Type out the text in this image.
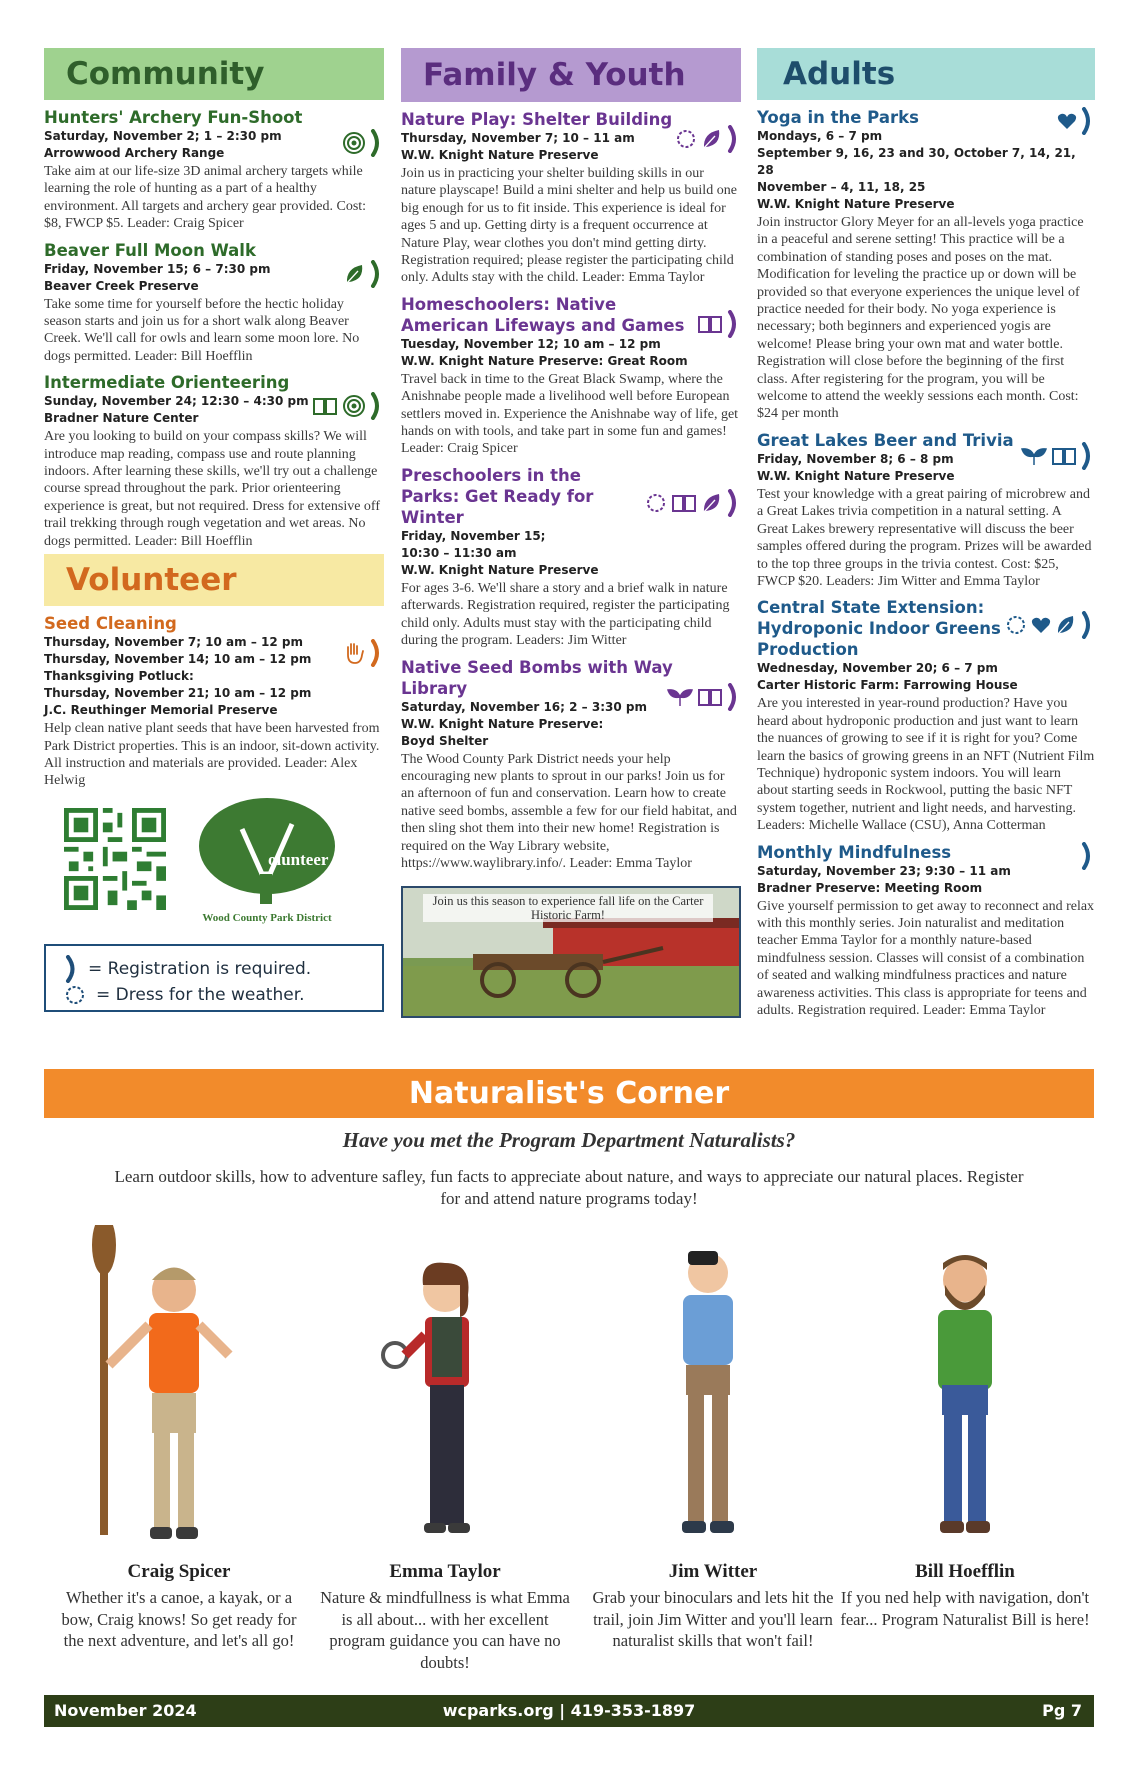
Community
Hunters' Archery Fun-Shoot
Saturday, November 2; 1 – 2:30 pm
Arrowwood Archery Range
Take aim at our life-size 3D animal archery targets while learning the role of hunting as a part of a healthy environment. All targets and archery gear provided. Cost: $8, FWCP $5. Leader: Craig Spicer
Beaver Full Moon Walk
Friday, November 15; 6 – 7:30 pm
Beaver Creek Preserve
Take some time for yourself before the hectic holiday season starts and join us for a short walk along Beaver Creek. We'll call for owls and learn some moon lore. No dogs permitted. Leader: Bill Hoefflin
Intermediate Orienteering
Sunday, November 24; 12:30 – 4:30 pm
Bradner Nature Center
Are you looking to build on your compass skills? We will introduce map reading, compass use and route planning indoors. After learning these skills, we'll try out a challenge course spread throughout the park. Prior orienteering experience is great, but not required. Dress for extensive off trail trekking through rough vegetation and wet areas. No dogs permitted. Leader: Bill Hoefflin
Volunteer
Seed Cleaning
Thursday, November 7; 10 am – 12 pm
Thursday, November 14; 10 am – 12 pm
Thanksgiving Potluck:
Thursday, November 21; 10 am – 12 pm
J.C. Reuthinger Memorial Preserve
Help clean native plant seeds that have been harvested from Park District properties. This is an indoor, sit-down activity. All instruction and materials are provided. Leader: Alex Helwig
olunteer
Wood County Park District
= Registration is required.
= Dress for the weather.
Family & Youth
Nature Play: Shelter Building
Thursday, November 7; 10 – 11 am
W.W. Knight Nature Preserve
Join us in practicing your shelter building skills in our nature playscape! Build a mini shelter and help us build one big enough for us to fit inside. This experience is ideal for ages 5 and up. Getting dirty is a frequent occurrence at Nature Play, wear clothes you don't mind getting dirty. Registration required; please register the participating child only. Adults stay with the child. Leader: Emma Taylor
Homeschoolers: Native American Lifeways and Games
Tuesday, November 12; 10 am – 12 pm
W.W. Knight Nature Preserve: Great Room
Travel back in time to the Great Black Swamp, where the Anishnabe people made a livelihood well before European settlers moved in. Experience the Anishnabe way of life, get hands on with tools, and take part in some fun and games! Leader: Craig Spicer
Preschoolers in the Parks: Get Ready for Winter
Friday, November 15;
10:30 – 11:30 am
W.W. Knight Nature Preserve
For ages 3-6. We'll share a story and a brief walk in nature afterwards. Registration required, register the participating child only. Adults must stay with the participating child during the program. Leaders: Jim Witter
Native Seed Bombs with Way Library
Saturday, November 16; 2 – 3:30 pm
W.W. Knight Nature Preserve:
Boyd Shelter
The Wood County Park District needs your help encouraging new plants to sprout in our parks! Join us for an afternoon of fun and conservation. Learn how to create native seed bombs, assemble a few for our field habitat, and then sling shot them into their new home! Registration is required on the Way Library website, https://www.waylibrary.info/. Leader: Emma Taylor
Join us this season to experience fall life on the Carter Historic Farm!
Adults
Yoga in the Parks
Mondays, 6 – 7 pm
September 9, 16, 23 and 30, October 7, 14, 21, 28
November – 4, 11, 18, 25
W.W. Knight Nature Preserve
Join instructor Glory Meyer for an all-levels yoga practice in a peaceful and serene setting! This practice will be a combination of standing poses and poses on the mat. Modification for leveling the practice up or down will be provided so that everyone experiences the unique level of practice needed for their body. No yoga experience is necessary; both beginners and experienced yogis are welcome! Please bring your own mat and water bottle. Registration will close before the beginning of the first class. After registering for the program, you will be welcome to attend the weekly sessions each month. Cost: $24 per month
Great Lakes Beer and Trivia
Friday, November 8; 6 – 8 pm
W.W. Knight Nature Preserve
Test your knowledge with a great pairing of microbrew and a Great Lakes trivia competition in a natural setting. A Great Lakes brewery representative will discuss the beer samples offered during the program. Prizes will be awarded to the top three groups in the trivia contest. Cost: $25, FWCP $20. Leaders: Jim Witter and Emma Taylor
Central State Extension: Hydroponic Indoor Greens Production
Wednesday, November 20; 6 – 7 pm
Carter Historic Farm: Farrowing House
Are you interested in year-round production? Have you heard about hydroponic production and just want to learn the nuances of growing to see if it is right for you? Come learn the basics of growing greens in an NFT (Nutrient Film Technique) hydroponic system indoors. You will learn about starting seeds in Rockwool, putting the basic NFT system together, nutrient and light needs, and harvesting. Leaders: Michelle Wallace (CSU), Anna Cotterman
Monthly Mindfulness
Saturday, November 23; 9:30 – 11 am
Bradner Preserve: Meeting Room
Give yourself permission to get away to reconnect and relax with this monthly series. Join naturalist and meditation teacher Emma Taylor for a monthly nature-based mindfulness session. Classes will consist of a combination of seated and walking mindfulness practices and nature awareness activities. This class is appropriate for teens and adults. Registration required. Leader: Emma Taylor
Naturalist's Corner
Have you met the Program Department Naturalists?
Learn outdoor skills, how to adventure safley, fun facts to appreciate about nature, and ways to appreciate our natural places. Register for and attend nature programs today!
Craig Spicer
Whether it's a canoe, a kayak, or a bow, Craig knows! So get ready for the next adventure, and let's all go!
Emma Taylor
Nature & mindfullness is what Emma is all about... with her excellent program guidance you can have no doubts!
Jim Witter
Grab your binoculars and lets hit the trail, join Jim Witter and you'll learn naturalist skills that won't fail!
Bill Hoefflin
If you ned help with navigation, don't fear... Program Naturalist Bill is here!
wcparks.org | 419-353-1897
November 2024	Pg 7
